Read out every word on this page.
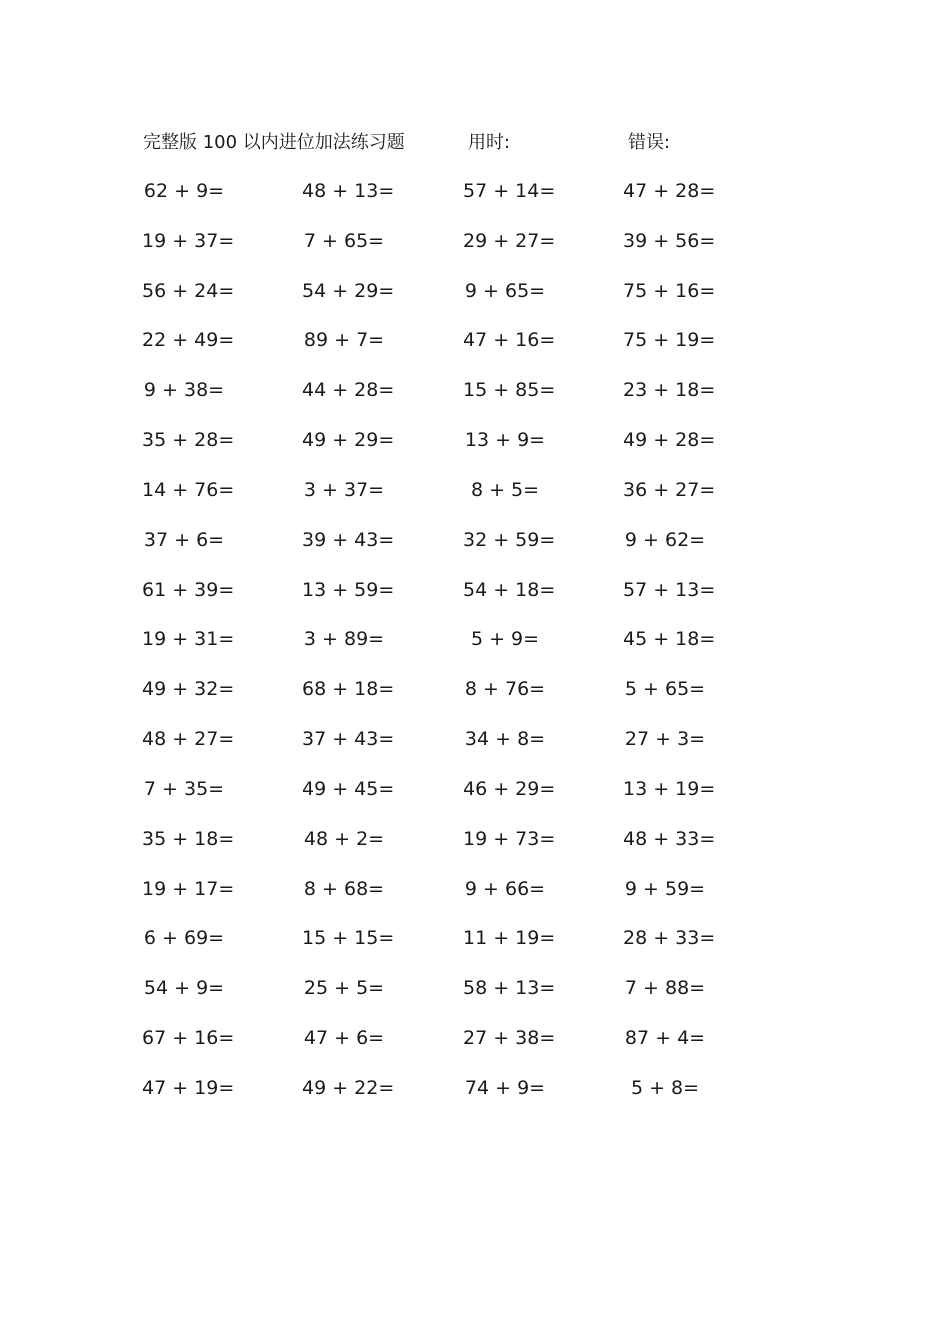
完整版 100 以内进位加法练习题	用时:	错误:
62 + 9=	48 + 13=	57 + 14=	47 + 28=
19 + 37=	7 + 65=	29 + 27=	39 + 56=
56 + 24=	54 + 29=	9 + 65=	75 + 16=
22 + 49=	89 + 7=	47 + 16=	75 + 19=
9 + 38=	44 + 28=	15 + 85=	23 + 18=
35 + 28=	49 + 29=	13 + 9=	49 + 28=
14 + 76=	3 + 37=	8 + 5=	36 + 27=
37 + 6=	39 + 43=	32 + 59=	9 + 62=
61 + 39=	13 + 59=	54 + 18=	57 + 13=
19 + 31=	3 + 89=	5 + 9=	45 + 18=
49 + 32=	68 + 18=	8 + 76=	5 + 65=
48 + 27=	37 + 43=	34 + 8=	27 + 3=
7 + 35=	49 + 45=	46 + 29=	13 + 19=
35 + 18=	48 + 2=	19 + 73=	48 + 33=
19 + 17=	8 + 68=	9 + 66=	9 + 59=
6 + 69=	15 + 15=	11 + 19=	28 + 33=
54 + 9=	25 + 5=	58 + 13=	7 + 88=
67 + 16=	47 + 6=	27 + 38=	87 + 4=
47 + 19=	49 + 22=	74 + 9=	5 + 8=
